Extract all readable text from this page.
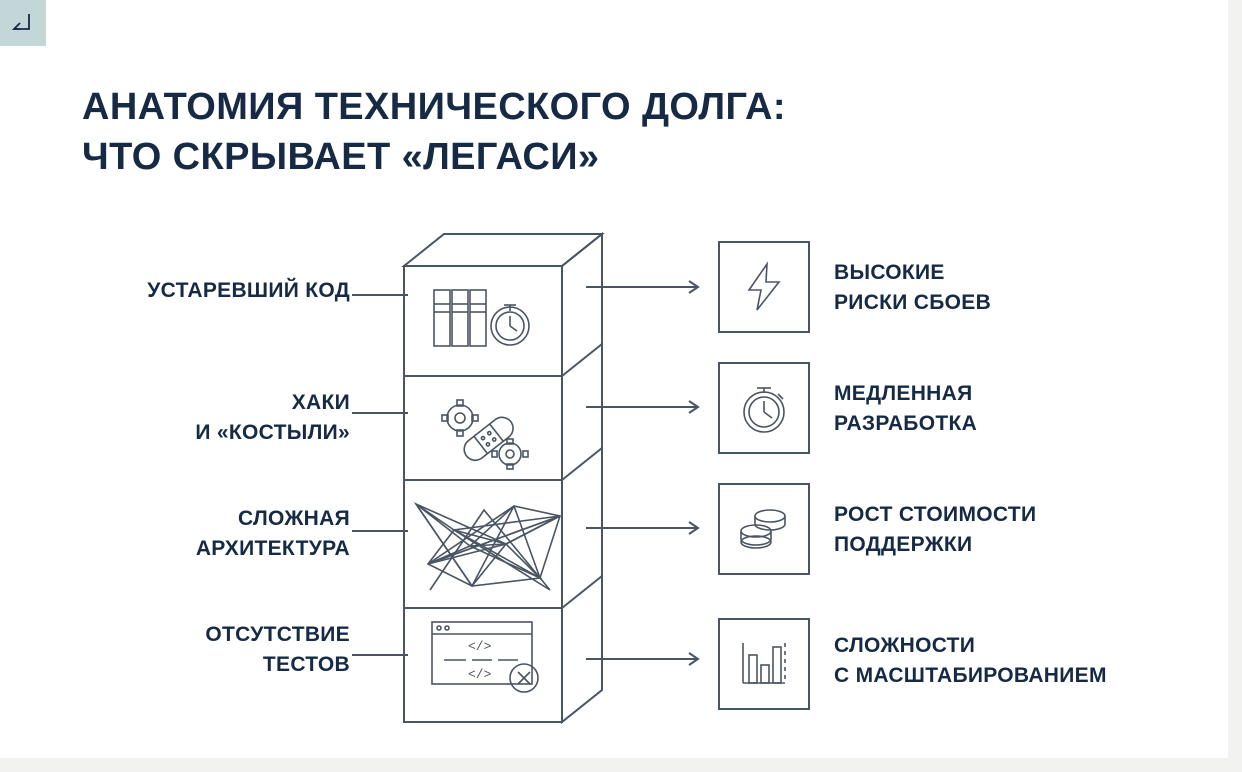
АНАТОМИЯ ТЕХНИЧЕСКОГО ДОЛГА:
ЧТО СКРЫВАЕТ «ЛЕГАСИ»
УСТАРЕВШИЙ КОД
ХАКИ
И «КОСТЫЛИ»
СЛОЖНАЯ
АРХИТЕКТУРА
ОТСУТСТВИЕ
ТЕСТОВ
</>
</>
ВЫСОКИЕ
РИСКИ СБОЕВ
МЕДЛЕННАЯ
РАЗРАБОТКА
РОСТ СТОИМОСТИ
ПОДДЕРЖКИ
СЛОЖНОСТИ
С МАСШТАБИРОВАНИЕМ
